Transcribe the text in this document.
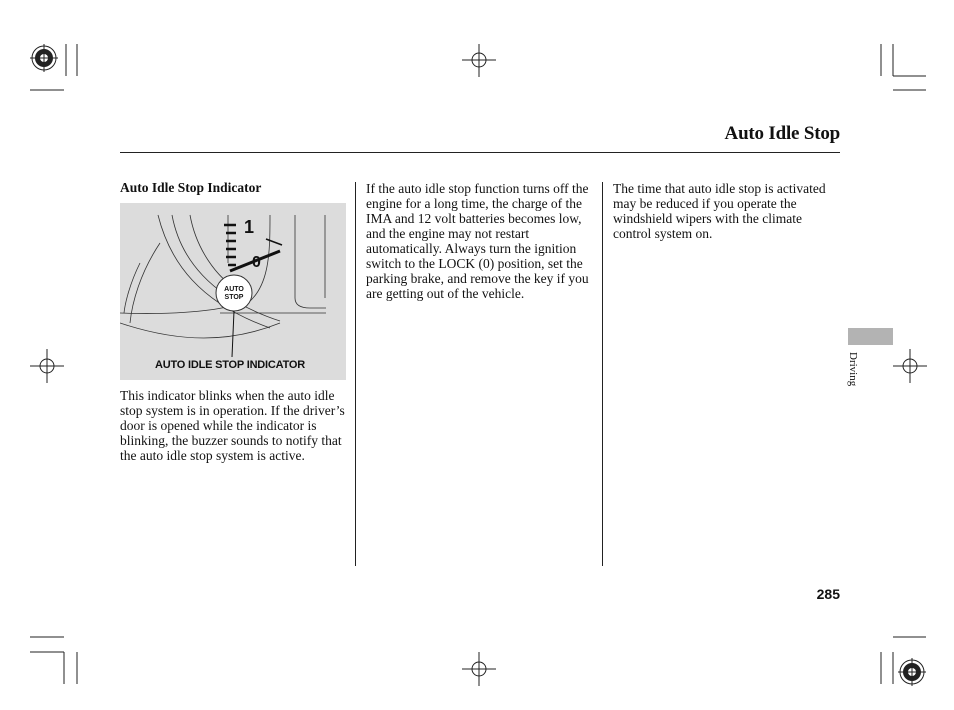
Auto Idle Stop
Auto Idle Stop Indicator
1
0
AUTO
STOP
AUTO IDLE STOP INDICATOR
This indicator blinks when the auto idle stop system is in operation. If the driver’s door is opened while the indicator is blinking, the buzzer sounds to notify that the auto idle stop system is active.
If the auto idle stop function turns off the engine for a long time, the charge of the IMA and 12 volt batteries becomes low, and the engine may not restart automatically. Always turn the ignition switch to the LOCK (0) position, set the parking brake, and remove the key if you are getting out of the vehicle.
The time that auto idle stop is activated may be reduced if you operate the windshield wipers with the climate control system on.
Driving
285
